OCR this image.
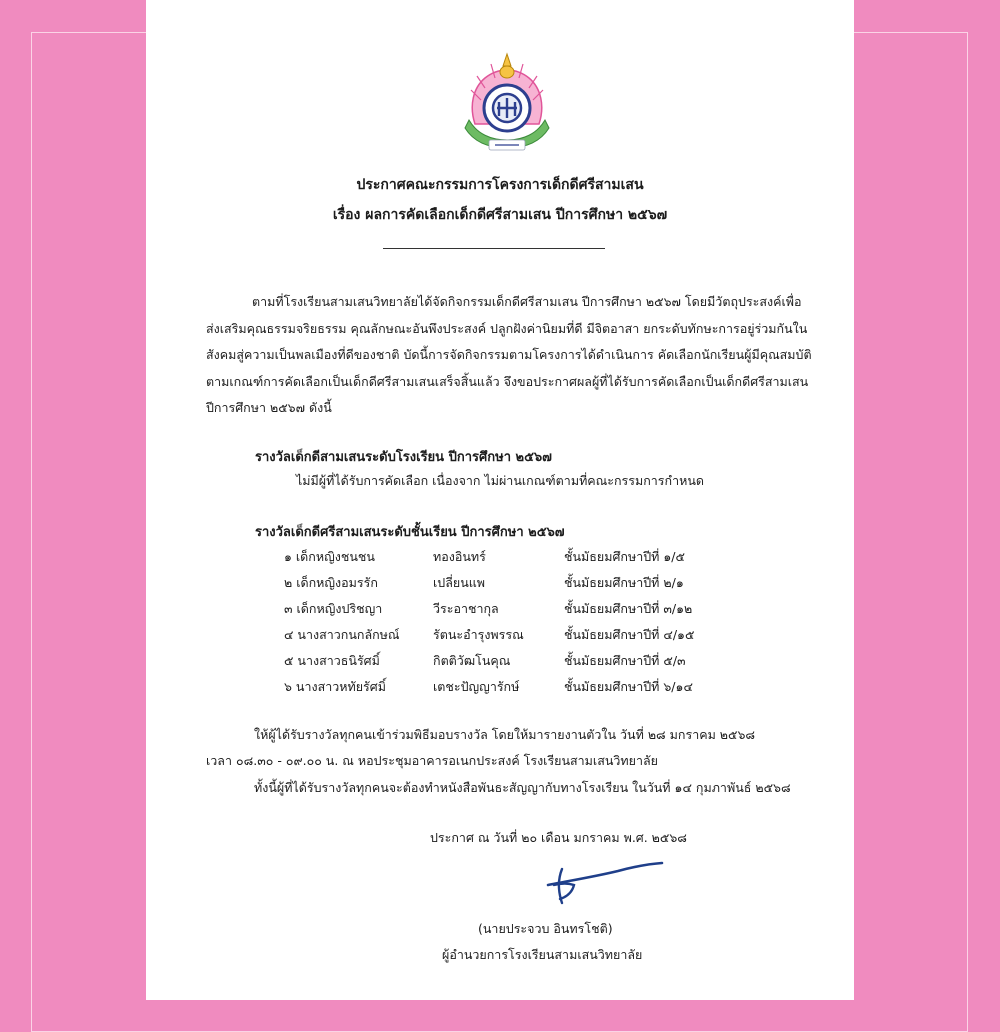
ประกาศคณะกรรมการโครงการเด็กดีศรีสามเสน
เรื่อง ผลการคัดเลือกเด็กดีศรีสามเสน ปีการศึกษา ๒๕๖๗

ตามที่โรงเรียนสามเสนวิทยาลัยได้จัดกิจกรรมเด็กดีศรีสามเสน ปีการศึกษา ๒๕๖๗ โดยมีวัตถุประสงค์เพื่อ

ส่งเสริมคุณธรรมจริยธรรม คุณลักษณะอันพึงประสงค์ ปลูกฝังค่านิยมที่ดี มีจิตอาสา ยกระดับทักษะการอยู่ร่วมกันใน

สังคมสู่ความเป็นพลเมืองที่ดีของชาติ บัดนี้การจัดกิจกรรมตามโครงการได้ดำเนินการ คัดเลือกนักเรียนผู้มีคุณสมบัติ

ตามเกณฑ์การคัดเลือกเป็นเด็กดีศรีสามเสนเสร็จสิ้นแล้ว จึงขอประกาศผลผู้ที่ได้รับการคัดเลือกเป็นเด็กดีศรีสามเสน

ปีการศึกษา ๒๕๖๗ ดังนี้

รางวัลเด็กดีสามเสนระดับโรงเรียน ปีการศึกษา ๒๕๖๗
ไม่มีผู้ที่ได้รับการคัดเลือก เนื่องจาก ไม่ผ่านเกณฑ์ตามที่คณะกรรมการกำหนด
รางวัลเด็กดีศรีสามเสนระดับชั้นเรียน ปีการศึกษา ๒๕๖๗
๑ เด็กหญิงชนชน	ทองอินทร์	ชั้นมัธยมศึกษาปีที่ ๑/๕
๒ เด็กหญิงอมรรัก	เปลี่ยนแพ	ชั้นมัธยมศึกษาปีที่ ๒/๑
๓ เด็กหญิงปริชญา	วีระอาชากุล	ชั้นมัธยมศึกษาปีที่ ๓/๑๒
๔ นางสาวกนกลักษณ์	รัตนะอำรุงพรรณ	ชั้นมัธยมศึกษาปีที่ ๔/๑๕
๕ นางสาวธนิรัศมิ์	กิตติวัฒโนคุณ	ชั้นมัธยมศึกษาปีที่ ๕/๓
๖ นางสาวหทัยรัศมิ์	เตชะปัญญารักษ์	ชั้นมัธยมศึกษาปีที่ ๖/๑๔
ให้ผู้ได้รับรางวัลทุกคนเข้าร่วมพิธีมอบรางวัล โดยให้มารายงานตัวใน วันที่ ๒๘ มกราคม ๒๕๖๘
เวลา ๐๘.๓๐ - ๐๙.๐๐ น. ณ หอประชุมอาคารอเนกประสงค์ โรงเรียนสามเสนวิทยาลัย
ทั้งนี้ผู้ที่ได้รับรางวัลทุกคนจะต้องทำหนังสือพันธะสัญญากับทางโรงเรียน ในวันที่ ๑๔ กุมภาพันธ์ ๒๕๖๘
ประกาศ ณ วันที่ ๒๐ เดือน มกราคม พ.ศ. ๒๕๖๘
(นายประจวบ อินทรโชติ)
ผู้อำนวยการโรงเรียนสามเสนวิทยาลัย
